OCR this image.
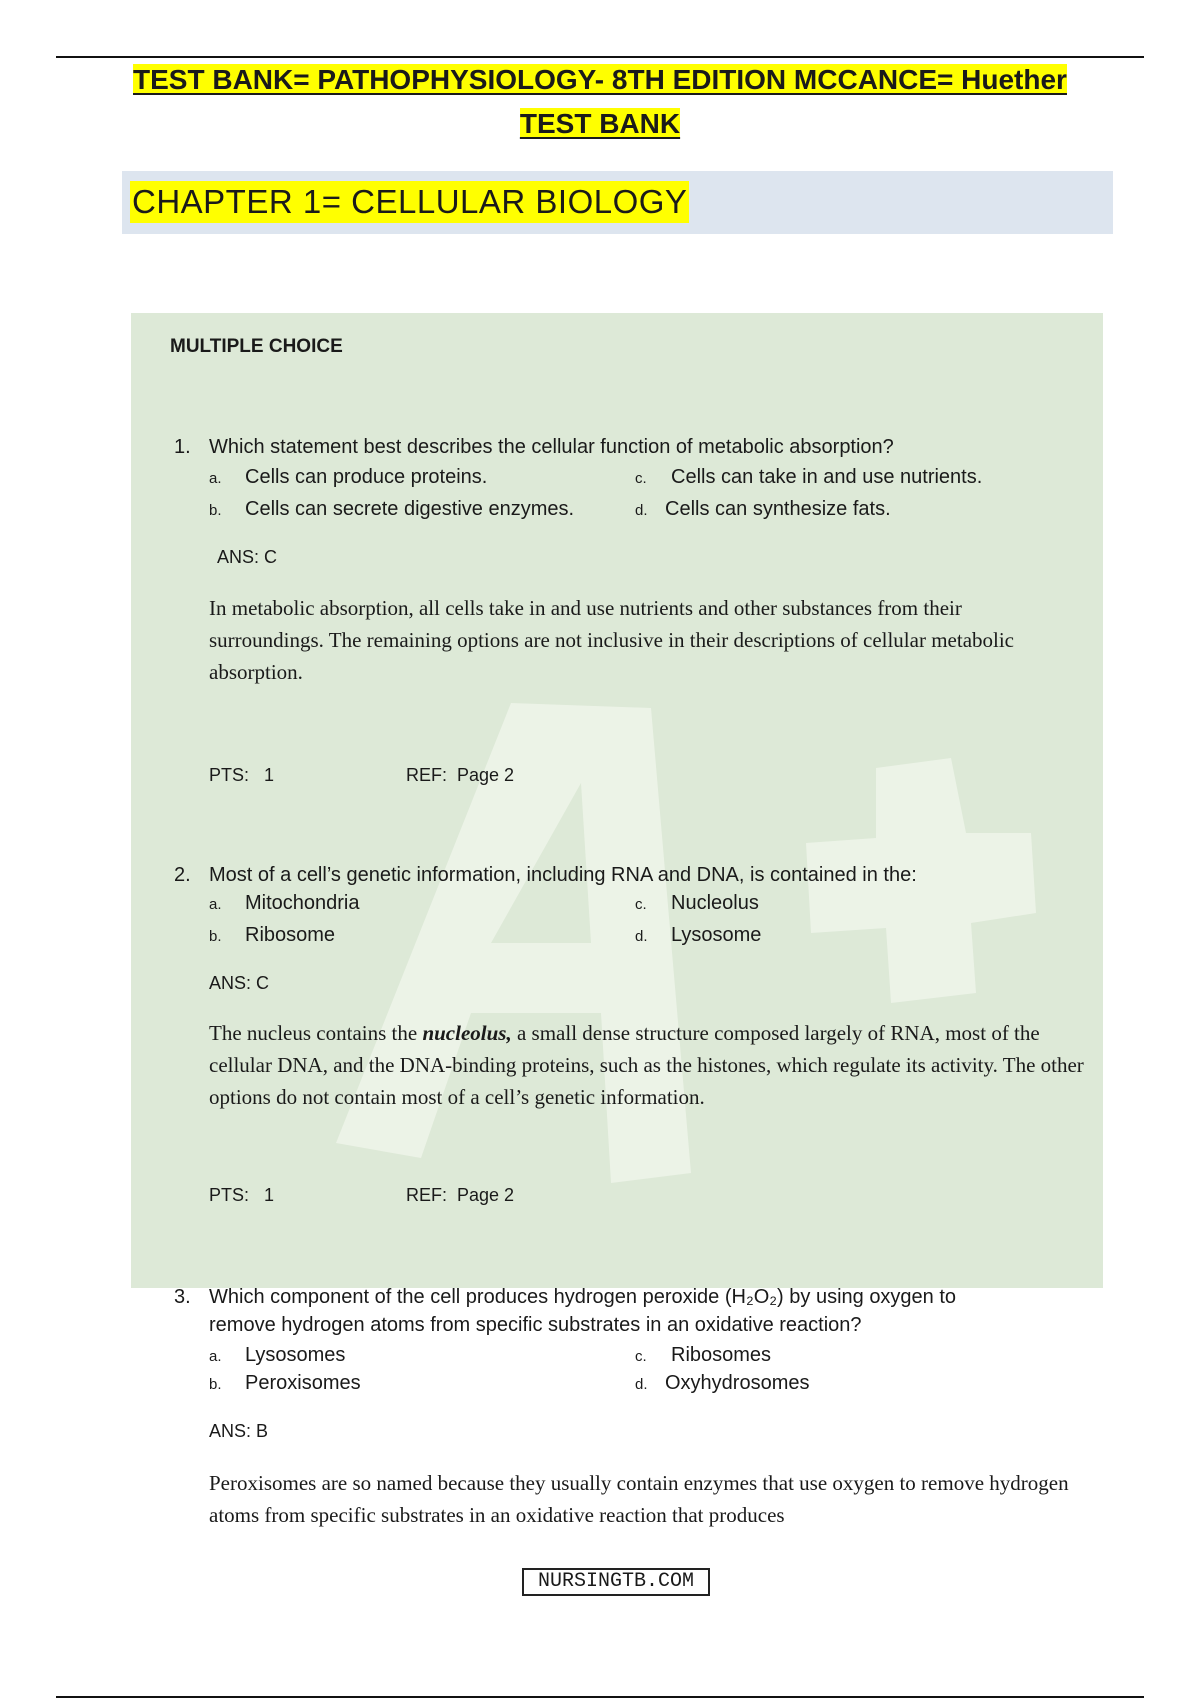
TEST BANK= PATHOPHYSIOLOGY- 8TH EDITION MCCANCE= Huether
TEST BANK
CHAPTER 1= CELLULAR BIOLOGY
MULTIPLE CHOICE
1. Which statement best describes the cellular function of metabolic absorption?
a. Cells can produce proteins.
b. Cells can secrete digestive enzymes.
c. Cells can take in and use nutrients.
d. Cells can synthesize fats.
ANS: C
In metabolic absorption, all cells take in and use nutrients and other substances from their surroundings. The remaining options are not inclusive in their descriptions of cellular metabolic absorption.
PTS:   1	REF:  Page 2
2. Most of a cell’s genetic information, including RNA and DNA, is contained in the:
a. Mitochondria
b. Ribosome
c. Nucleolus
d. Lysosome
ANS: C
The nucleus contains the nucleolus, a small dense structure composed largely of RNA, most of the cellular DNA, and the DNA-binding proteins, such as the histones, which regulate its activity. The other options do not contain most of a cell’s genetic information.
PTS:   1	REF:  Page 2
3. Which component of the cell produces hydrogen peroxide (H₂O₂) by using oxygen to
remove hydrogen atoms from specific substrates in an oxidative reaction?
a. Lysosomes
b. Peroxisomes
c. Ribosomes
d. Oxyhydrosomes
ANS: B
Peroxisomes are so named because they usually contain enzymes that use oxygen to remove hydrogen atoms from specific substrates in an oxidative reaction that produces
NURSINGTB.COM
